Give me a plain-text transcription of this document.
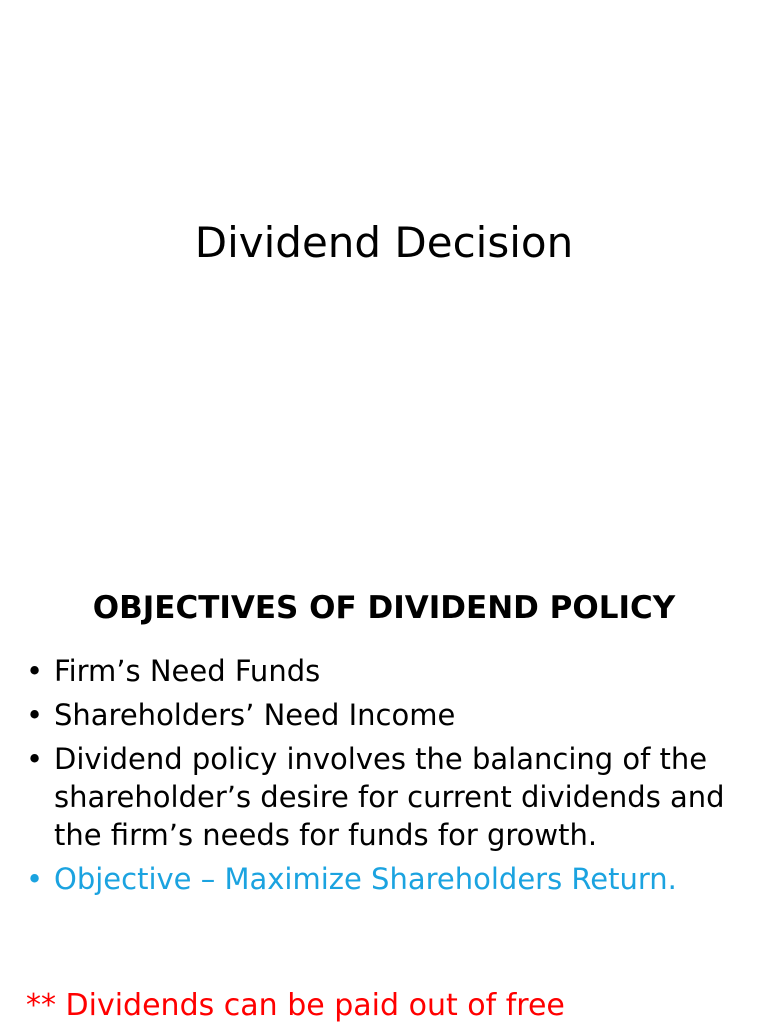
Dividend Decision
OBJECTIVES OF DIVIDEND POLICY
• Firm’s Need Funds
• Shareholders’ Need Income
• Dividend policy involves the balancing of the shareholder’s desire for current dividends and the firm’s needs for funds for growth.
• Objective – Maximize Shareholders Return.
** Dividends can be paid out of free
